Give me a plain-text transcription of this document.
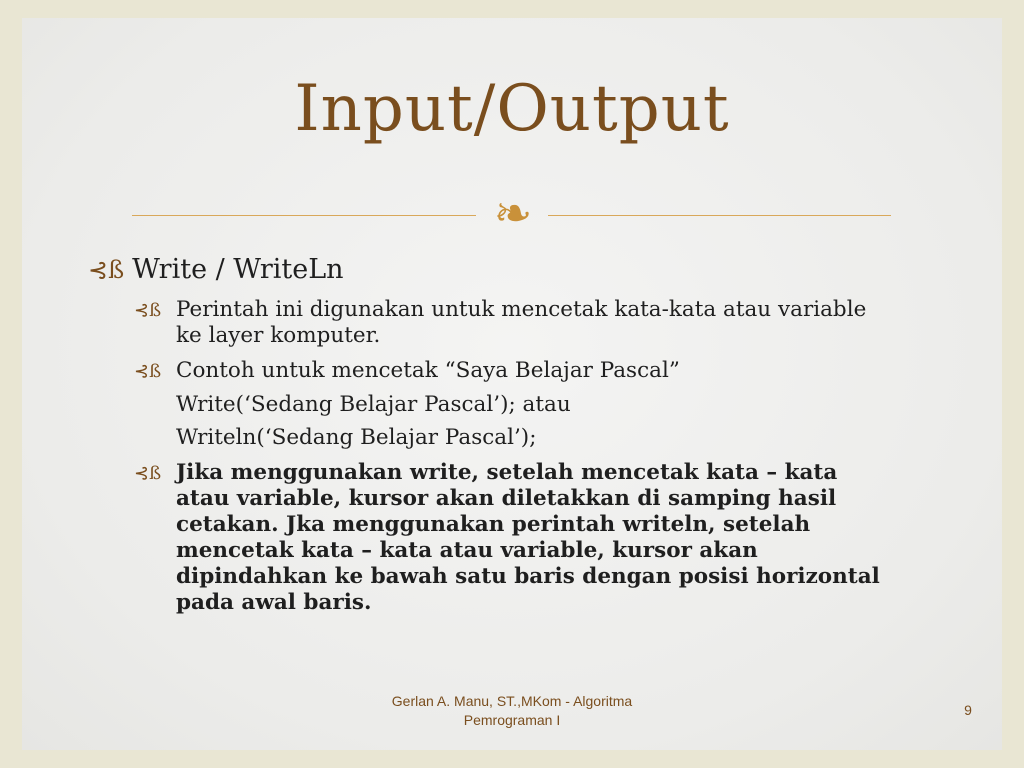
Input/Output
❧
⊰ß Write / WriteLn
⊰ß Perintah ini digunakan untuk mencetak kata-kata atau variable ke layer komputer.
⊰ß Contoh untuk mencetak “Saya Belajar Pascal”
Write(‘Sedang Belajar Pascal’); atau
Writeln(‘Sedang Belajar Pascal’);
⊰ß Jika menggunakan write, setelah mencetak kata – kata atau variable, kursor akan diletakkan di samping hasil cetakan. Jka menggunakan perintah writeln, setelah mencetak kata – kata atau variable, kursor akan dipindahkan ke bawah satu baris dengan posisi horizontal pada awal baris.
Gerlan A. Manu, ST.,MKom - Algoritma
Pemrograman I
9
